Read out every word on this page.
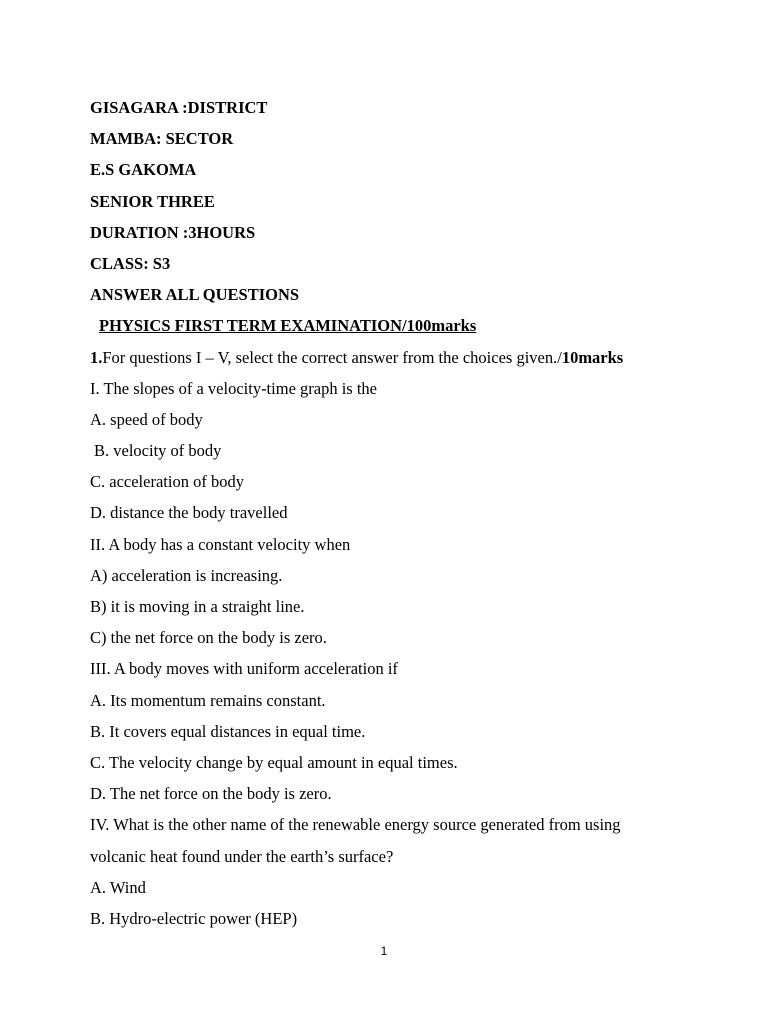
GISAGARA :DISTRICT
MAMBA: SECTOR
E.S GAKOMA
SENIOR THREE
DURATION :3HOURS
CLASS: S3
ANSWER ALL QUESTIONS
PHYSICS FIRST TERM EXAMINATION/100marks
1.For questions I – V, select the correct answer from the choices given./10marks
I. The slopes of a velocity-time graph is the
A. speed of body
B. velocity of body
C. acceleration of body
D. distance the body travelled
II. A body has a constant velocity when
A) acceleration is increasing.
B) it is moving in a straight line.
C) the net force on the body is zero.
III. A body moves with uniform acceleration if
A. Its momentum remains constant.
B. It covers equal distances in equal time.
C. The velocity change by equal amount in equal times.
D. The net force on the body is zero.
IV. What is the other name of the renewable energy source generated from using
volcanic heat found under the earth’s surface?
A. Wind
B. Hydro-electric power (HEP)
1
